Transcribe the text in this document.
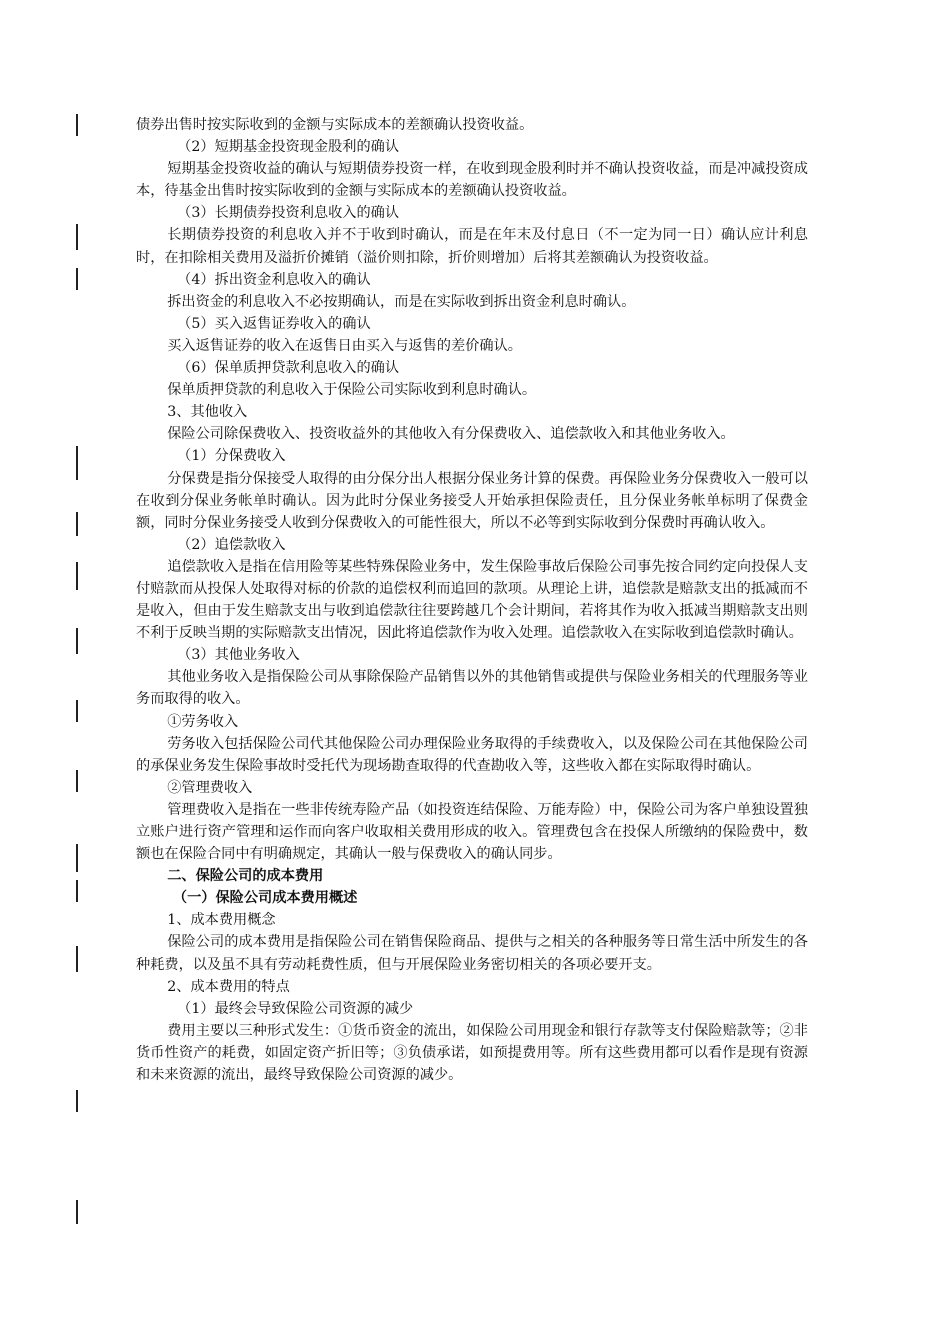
债券出售时按实际收到的金额与实际成本的差额确认投资收益。

（2）短期基金投资现金股利的确认

短期基金投资收益的确认与短期债券投资一样，在收到现金股利时并不确认投资收益，而是冲减投资成本，待基金出售时按实际收到的金额与实际成本的差额确认投资收益。

（3）长期债券投资利息收入的确认

长期债券投资的利息收入并不于收到时确认，而是在年末及付息日（不一定为同一日）确认应计利息时，在扣除相关费用及溢折价摊销（溢价则扣除，折价则增加）后将其差额确认为投资收益。

（4）拆出资金利息收入的确认

拆出资金的利息收入不必按期确认，而是在实际收到拆出资金利息时确认。

（5）买入返售证券收入的确认

买入返售证券的收入在返售日由买入与返售的差价确认。

（6）保单质押贷款利息收入的确认

保单质押贷款的利息收入于保险公司实际收到利息时确认。

3、其他收入

保险公司除保费收入、投资收益外的其他收入有分保费收入、追偿款收入和其他业务收入。

（1）分保费收入

分保费是指分保接受人取得的由分保分出人根据分保业务计算的保费。再保险业务分保费收入一般可以在收到分保业务帐单时确认。因为此时分保业务接受人开始承担保险责任，且分保业务帐单标明了保费金额，同时分保业务接受人收到分保费收入的可能性很大，所以不必等到实际收到分保费时再确认收入。

（2）追偿款收入

追偿款收入是指在信用险等某些特殊保险业务中，发生保险事故后保险公司事先按合同约定向投保人支付赔款而从投保人处取得对标的价款的追偿权利而追回的款项。从理论上讲，追偿款是赔款支出的抵减而不是收入，但由于发生赔款支出与收到追偿款往往要跨越几个会计期间，若将其作为收入抵减当期赔款支出则不利于反映当期的实际赔款支出情况，因此将追偿款作为收入处理。追偿款收入在实际收到追偿款时确认。

（3）其他业务收入

其他业务收入是指保险公司从事除保险产品销售以外的其他销售或提供与保险业务相关的代理服务等业务而取得的收入。

①劳务收入

劳务收入包括保险公司代其他保险公司办理保险业务取得的手续费收入，以及保险公司在其他保险公司的承保业务发生保险事故时受托代为现场勘查取得的代查勘收入等，这些收入都在实际取得时确认。

②管理费收入

管理费收入是指在一些非传统寿险产品（如投资连结保险、万能寿险）中，保险公司为客户单独设置独立账户进行资产管理和运作而向客户收取相关费用形成的收入。管理费包含在投保人所缴纳的保险费中，数额也在保险合同中有明确规定，其确认一般与保费收入的确认同步。

二、保险公司的成本费用

（一）保险公司成本费用概述

1、成本费用概念

保险公司的成本费用是指保险公司在销售保险商品、提供与之相关的各种服务等日常生活中所发生的各种耗费，以及虽不具有劳动耗费性质，但与开展保险业务密切相关的各项必要开支。

2、成本费用的特点

（1）最终会导致保险公司资源的减少

费用主要以三种形式发生：①货币资金的流出，如保险公司用现金和银行存款等支付保险赔款等；②非货币性资产的耗费，如固定资产折旧等；③负债承诺，如预提费用等。所有这些费用都可以看作是现有资源和未来资源的流出，最终导致保险公司资源的减少。
